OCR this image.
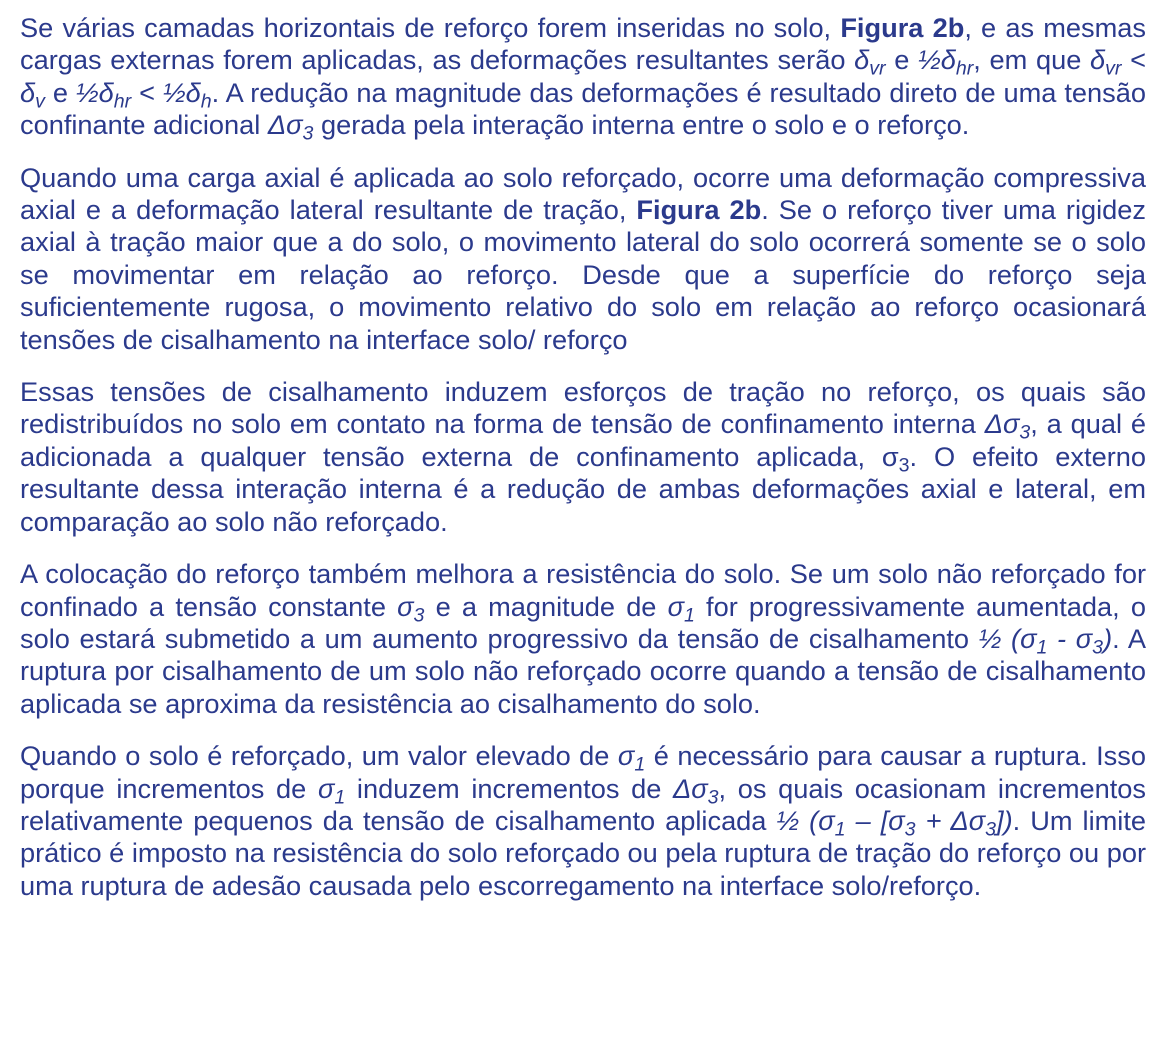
Se várias camadas horizontais de reforço forem inseridas no solo, Figura 2b, e as mesmas cargas externas forem aplicadas, as deformações resultantes serão $\delta_{vr}$ e $\frac{1}{2}\delta_{hr}$, em que $\delta_{vr} < \delta_v$ e $\frac{1}{2}\delta_{hr}$ < $\frac{1}{2}\delta_h$. A redução na magnitude das deformações é resultado direto de uma tensão confinante adicional $\Delta\sigma_3$ gerada pela interação interna entre o solo e o reforço.

Quando uma carga axial é aplicada ao solo reforçado, ocorre uma deformação compressiva axial e a deformação lateral resultante de tração, Figura 2b. Se o reforço tiver uma rigidez axial à tração maior que a do solo, o movimento lateral do solo ocorrerá somente se o solo se movimentar em relação ao reforço. Desde que a superfície do reforço seja suficientemente rugosa, o movimento relativo do solo em relação ao reforço ocasionará tensões de cisalhamento na interface solo/ reforço

Essas tensões de cisalhamento induzem esforços de tração no reforço, os quais são redistribuídos no solo em contato na forma de tensão de confinamento interna $\Delta\sigma_3$, a qual é adicionada a qualquer tensão externa de confinamento aplicada, $\sigma_3$. O efeito externo resultante dessa interação interna é a redução de ambas deformações axial e lateral, em comparação ao solo não reforçado.

A colocação do reforço também melhora a resistência do solo. Se um solo não reforçado for confinado a tensão constante $\sigma_3$ e a magnitude de $\sigma_1$ for progressivamente aumentada, o solo estará submetido a um aumento progressivo da tensão de cisalhamento ½ $(\sigma_1 - \sigma_3)$. A ruptura por cisalhamento de um solo não reforçado ocorre quando a tensão de cisalhamento aplicada se aproxima da resistência ao cisalhamento do solo.

Quando o solo é reforçado, um valor elevado de $\sigma_1$ é necessário para causar a ruptura. Isso porque incrementos de $\sigma_1$ induzem incrementos de $\Delta\sigma_3$, os quais ocasionam incrementos relativamente pequenos da tensão de cisalhamento aplicada ½ $(\sigma_1 - [\sigma_3 + \Delta\sigma_3])$. Um limite prático é imposto na resistência do solo reforçado ou pela ruptura de tração do reforço ou por uma ruptura de adesão causada pelo escorregamento na interface solo/reforço.
